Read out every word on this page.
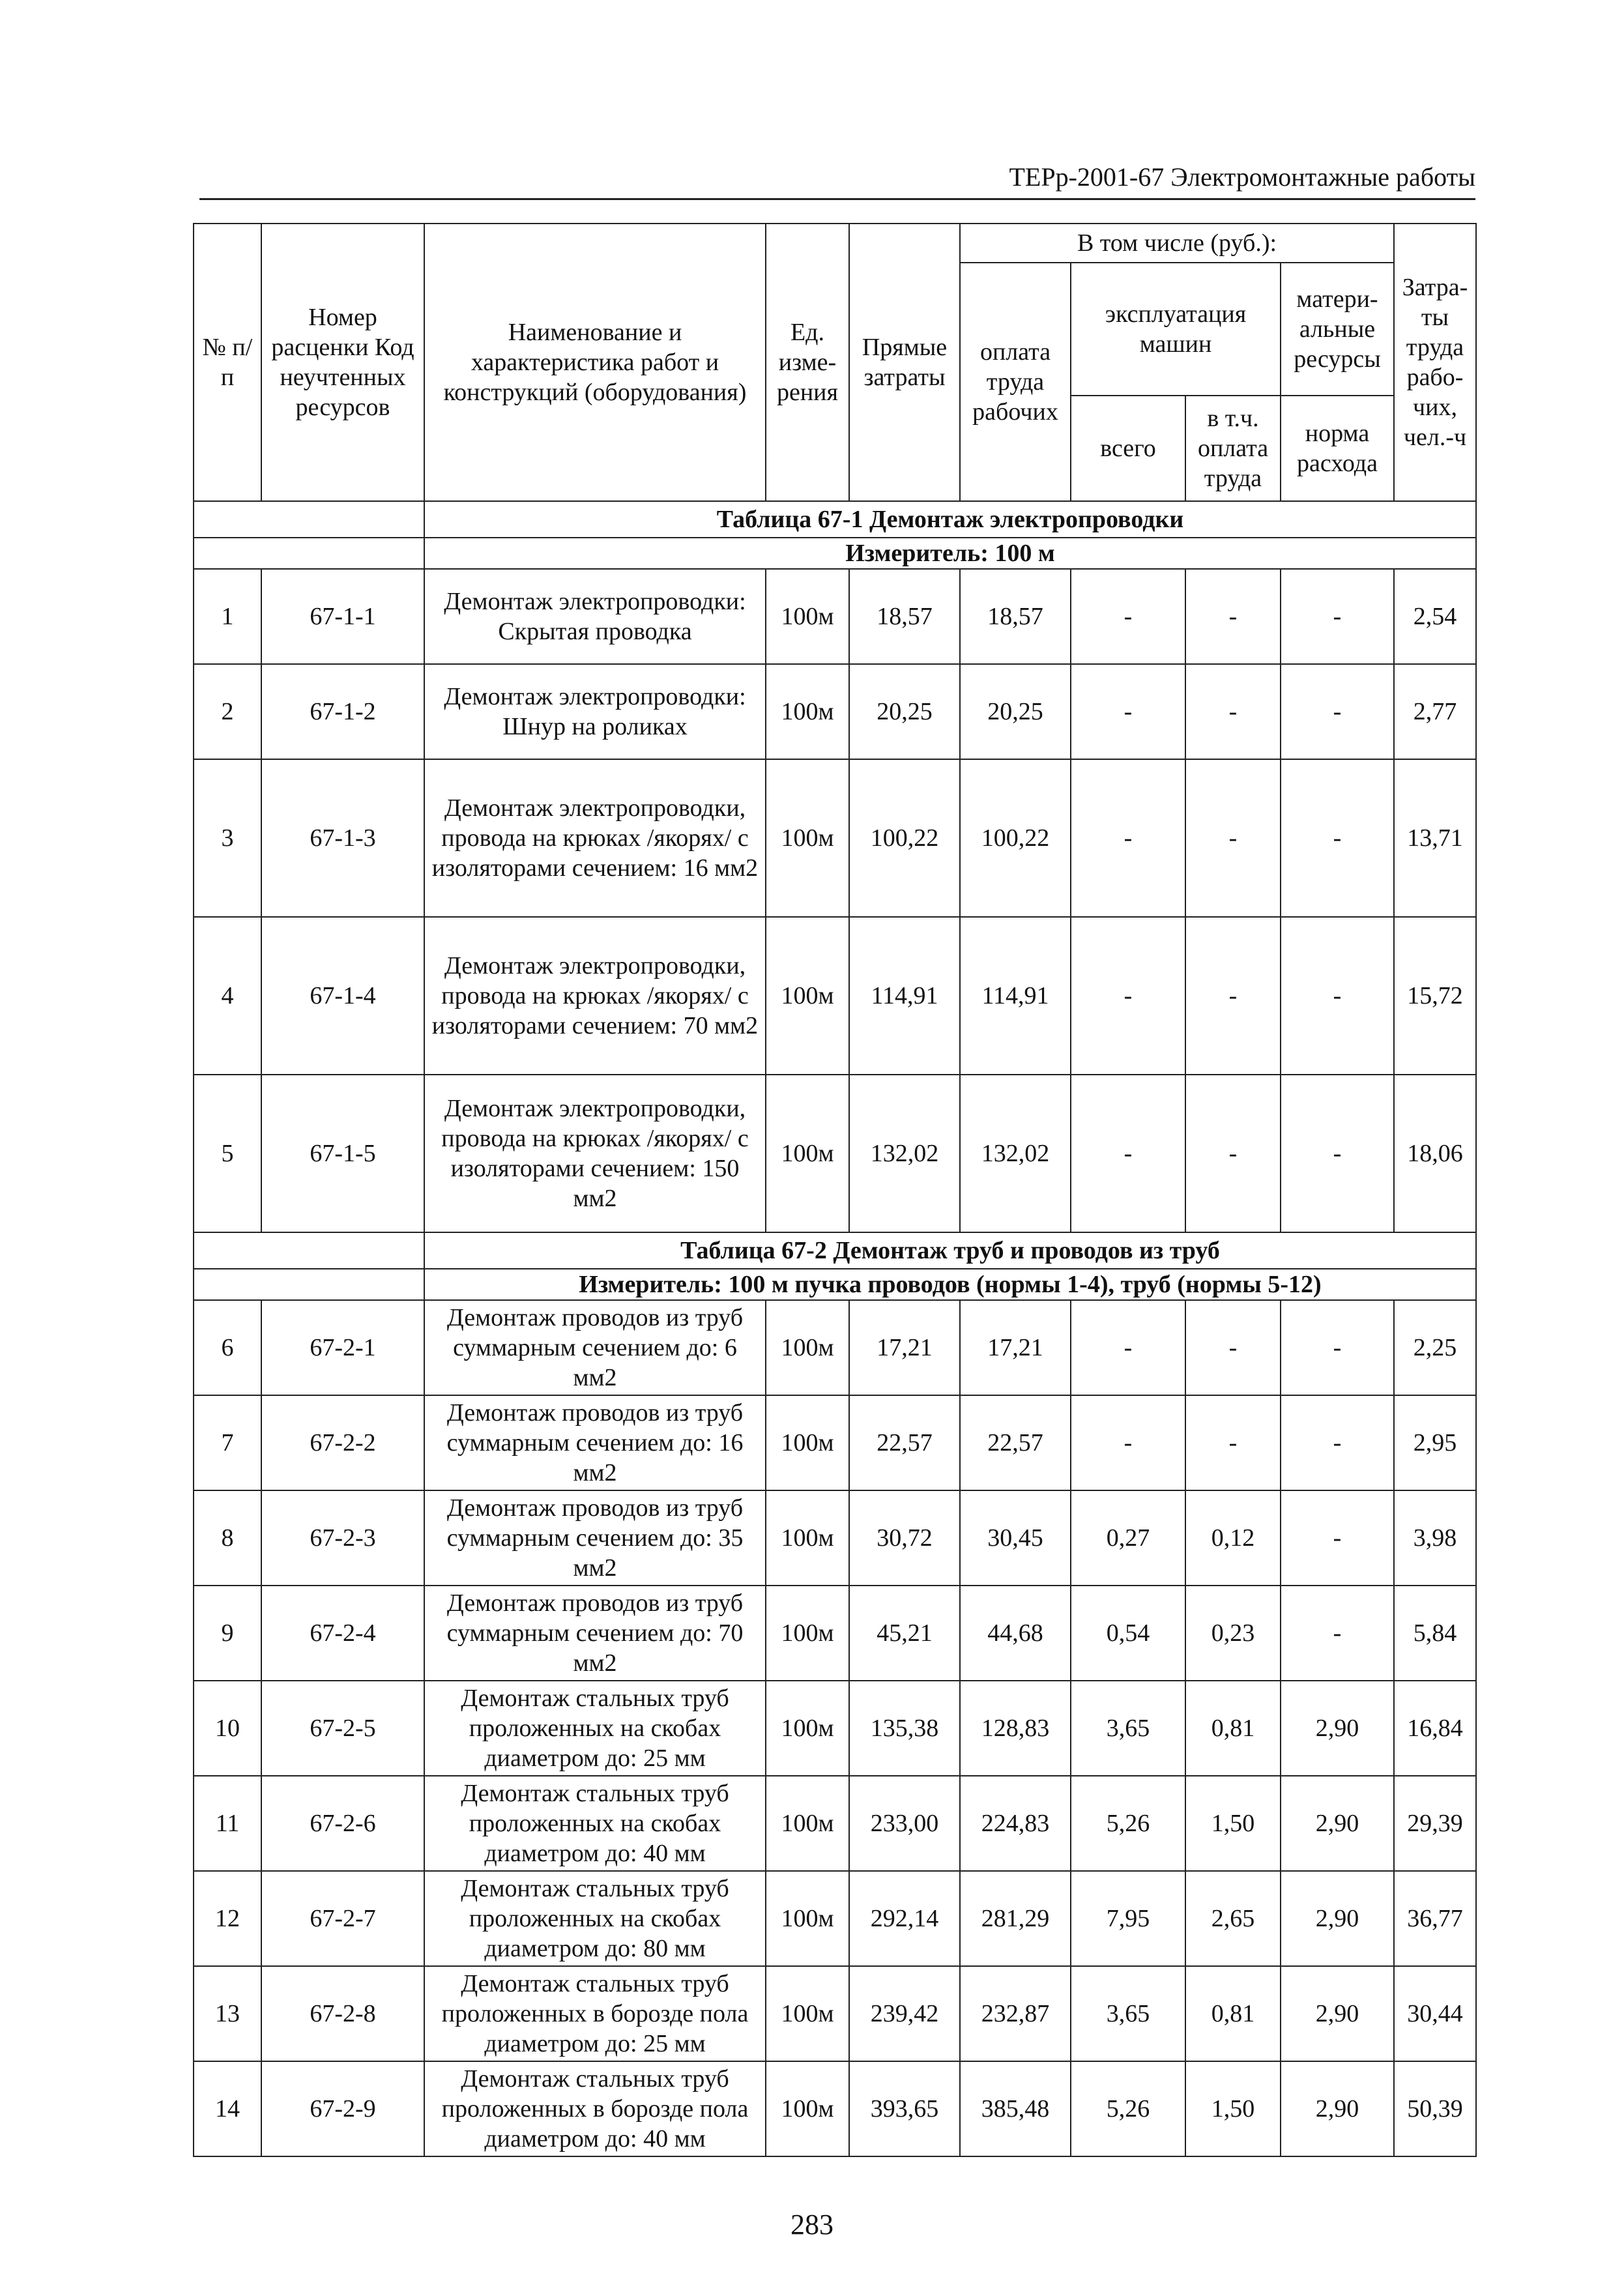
ТЕРр-2001-67 Электромонтажные работы
№ п/п	Номер расценки Код неучтенных ресурсов	Наименование и характеристика работ и конструкций (оборудования)	Ед. изме- рения	Прямые затраты	В том числе (руб.):				Затра- ты труда рабо- чих, чел.-ч
					оплата труда рабочих	эксплуатация машин		матери- альные ресурсы	
						всего	в т.ч. оплата труда	норма расхода	

		Таблица 67-1 Демонтаж электропроводки							
		Измеритель: 100 м							
1	67-1-1	Демонтаж электропроводки: Скрытая проводка	100м	18,57	18,57	-	-	-	2,54
2	67-1-2	Демонтаж электропроводки: Шнур на роликах	100м	20,25	20,25	-	-	-	2,77
3	67-1-3	Демонтаж электропроводки, провода на крюках /якорях/ с изоляторами сечением: 16 мм2	100м	100,22	100,22	-	-	-	13,71
4	67-1-4	Демонтаж электропроводки, провода на крюках /якорях/ с изоляторами сечением: 70 мм2	100м	114,91	114,91	-	-	-	15,72
5	67-1-5	Демонтаж электропроводки, провода на крюках /якорях/ с изоляторами сечением: 150 мм2	100м	132,02	132,02	-	-	-	18,06
		Таблица 67-2 Демонтаж труб и проводов из труб							
		Измеритель: 100 м пучка проводов (нормы 1-4), труб (нормы 5-12)							
6	67-2-1	Демонтаж проводов из труб суммарным сечением до: 6 мм2	100м	17,21	17,21	-	-	-	2,25
7	67-2-2	Демонтаж проводов из труб суммарным сечением до: 16 мм2	100м	22,57	22,57	-	-	-	2,95
8	67-2-3	Демонтаж проводов из труб суммарным сечением до: 35 мм2	100м	30,72	30,45	0,27	0,12	-	3,98
9	67-2-4	Демонтаж проводов из труб суммарным сечением до: 70 мм2	100м	45,21	44,68	0,54	0,23	-	5,84
10	67-2-5	Демонтаж стальных труб проложенных на скобах диаметром до: 25 мм	100м	135,38	128,83	3,65	0,81	2,90	16,84
11	67-2-6	Демонтаж стальных труб проложенных на скобах диаметром до: 40 мм	100м	233,00	224,83	5,26	1,50	2,90	29,39
12	67-2-7	Демонтаж стальных труб проложенных на скобах диаметром до: 80 мм	100м	292,14	281,29	7,95	2,65	2,90	36,77
13	67-2-8	Демонтаж стальных труб проложенных в борозде пола диаметром до: 25 мм	100м	239,42	232,87	3,65	0,81	2,90	30,44
14	67-2-9	Демонтаж стальных труб проложенных в борозде пола диаметром до: 40 мм	100м	393,65	385,48	5,26	1,50	2,90	50,39
283
